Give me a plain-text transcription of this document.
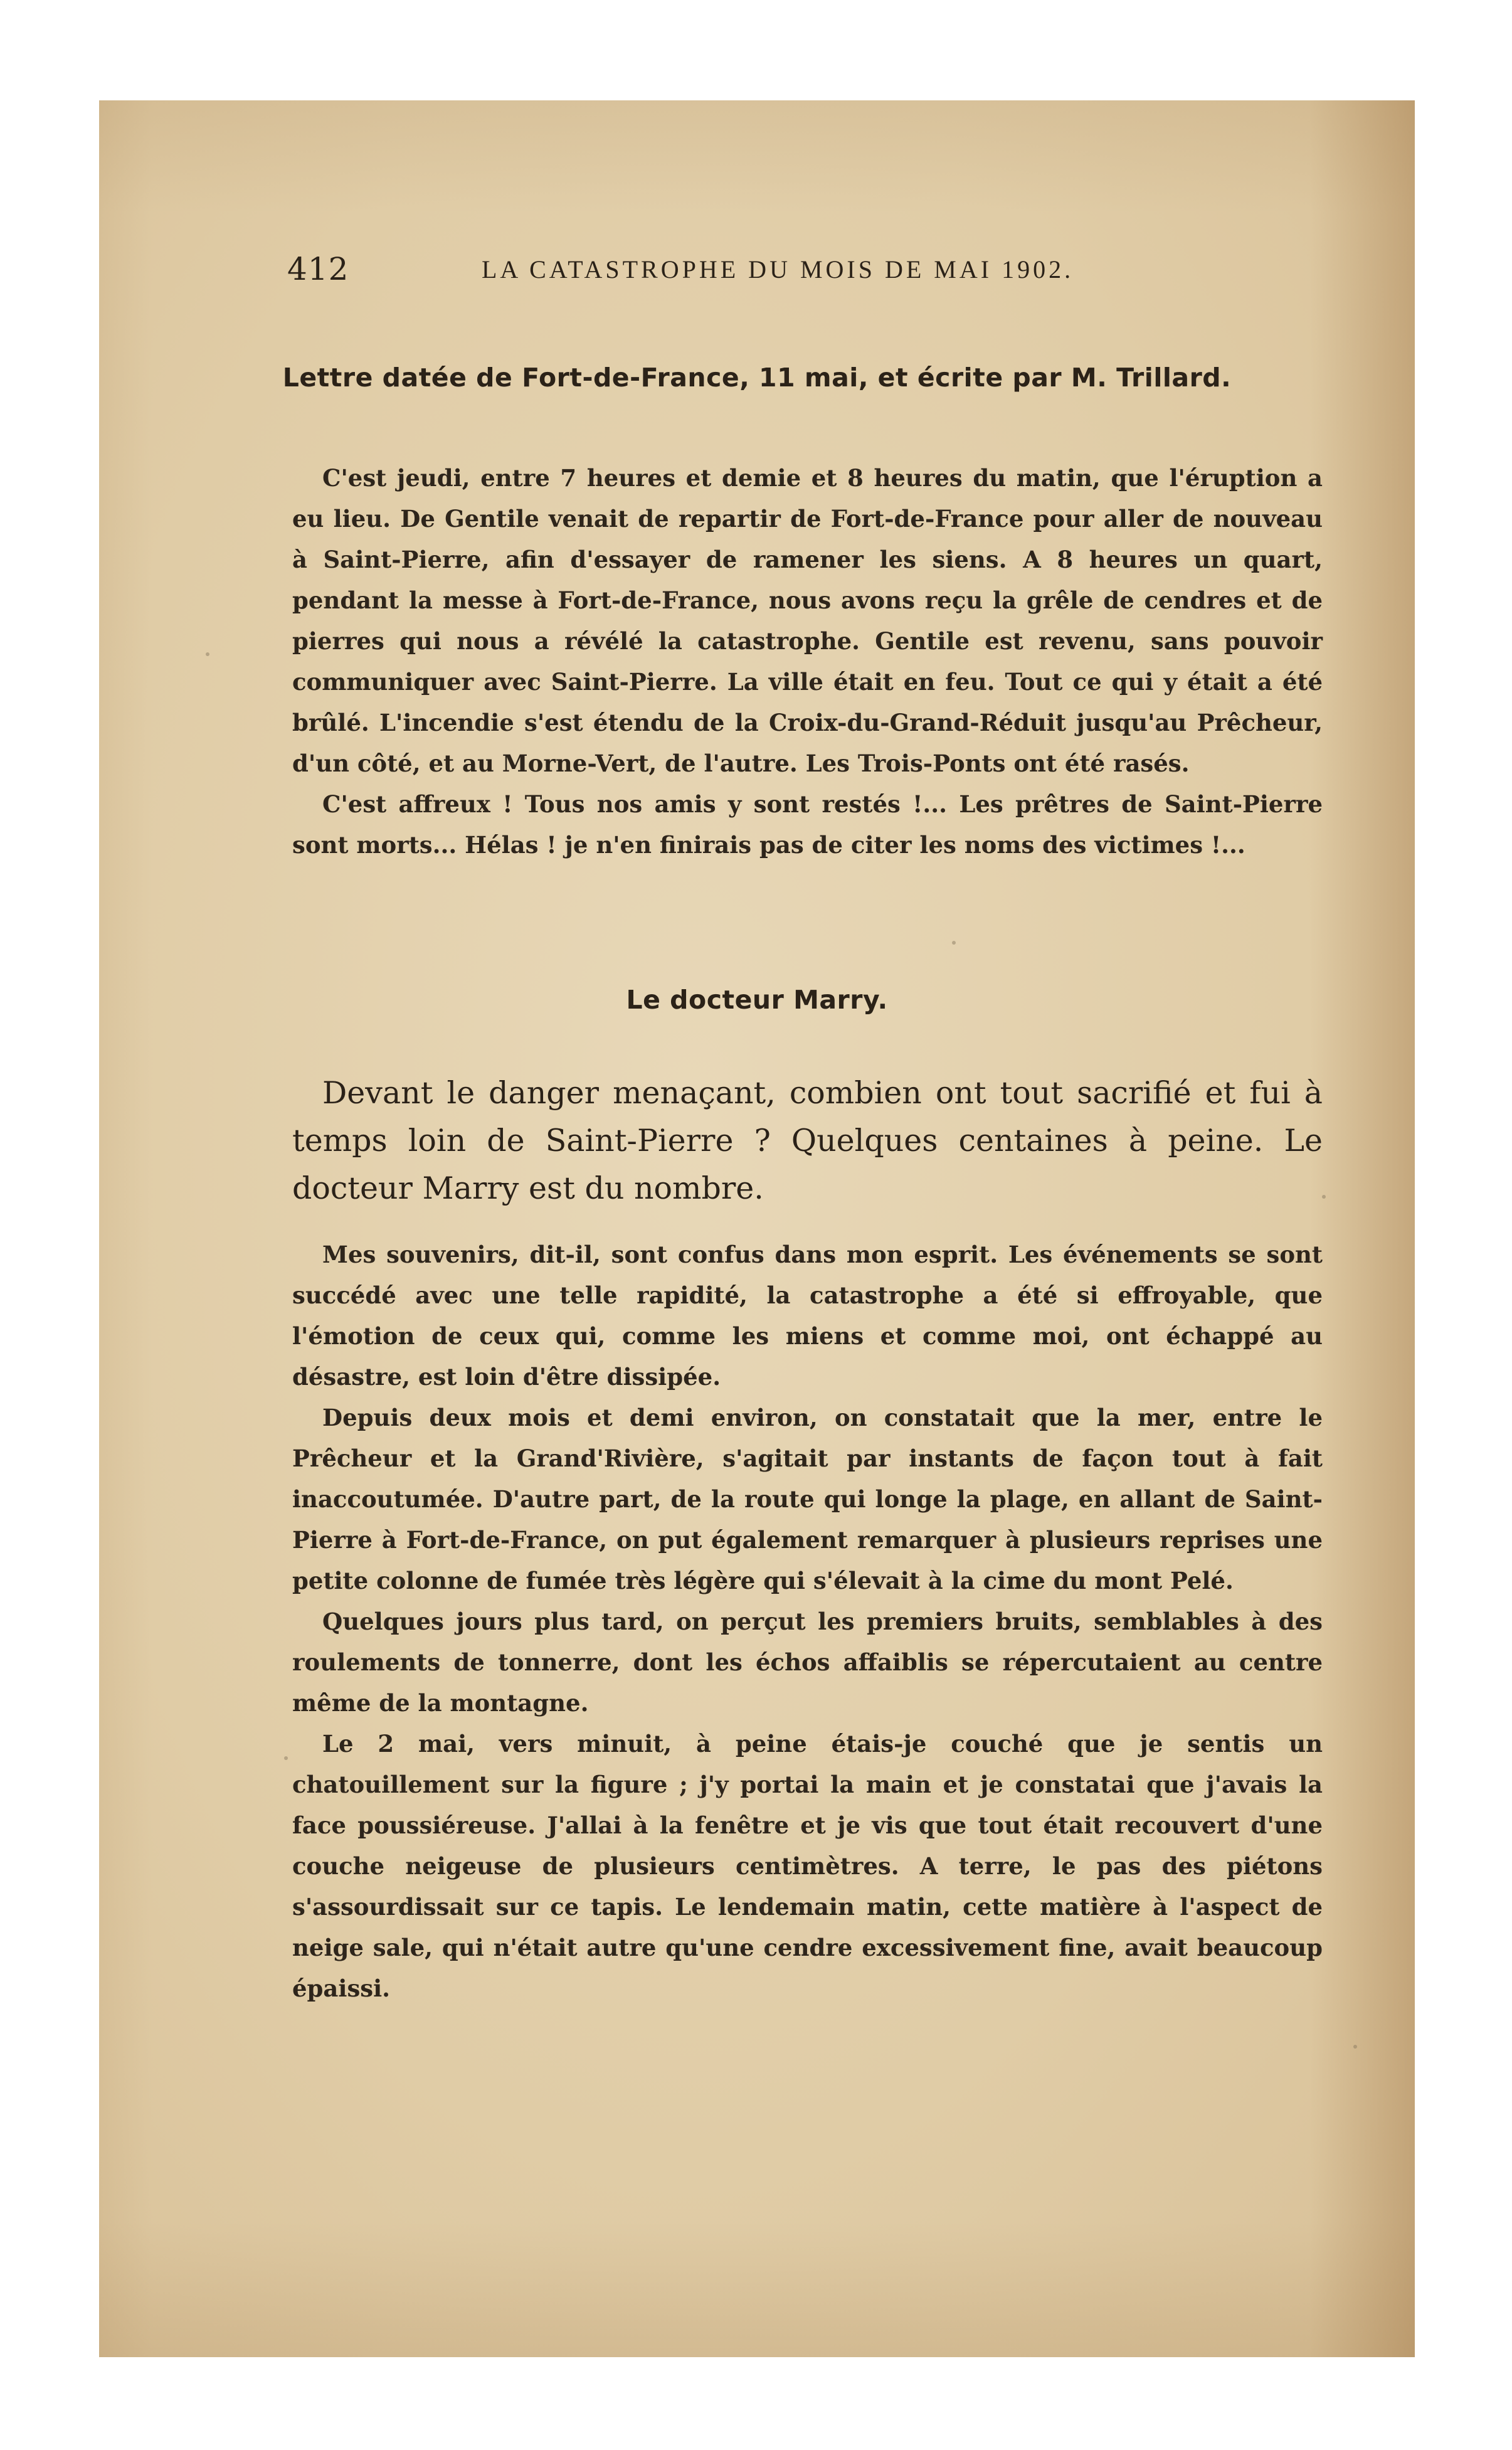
412	LA CATASTROPHE DU MOIS DE MAI 1902.
Lettre datée de Fort-de-France, 11 mai, et écrite par M. Trillard.

C'est jeudi, entre 7 heures et demie et 8 heures du matin, que l'éruption a eu lieu. De Gentile venait de repartir de Fort-de-France pour aller de nouveau à Saint-Pierre, afin d'essayer de ramener les siens. A 8 heures un quart, pendant la messe à Fort-de-France, nous avons reçu la grêle de cendres et de pierres qui nous a révélé la catastrophe. Gentile est revenu, sans pouvoir communiquer avec Saint-Pierre. La ville était en feu. Tout ce qui y était a été brûlé. L'incendie s'est étendu de la Croix-du-Grand-Réduit jusqu'au Prêcheur, d'un côté, et au Morne-Vert, de l'autre. Les Trois-Ponts ont été rasés.

C'est affreux ! Tous nos amis y sont restés !... Les prêtres de Saint-Pierre sont morts... Hélas ! je n'en finirais pas de citer les noms des victimes !...

Le docteur Marry.

Devant le danger menaçant, combien ont tout sacrifié et fui à temps loin de Saint-Pierre ? Quelques centaines à peine. Le docteur Marry est du nombre.

Mes souvenirs, dit-il, sont confus dans mon esprit. Les événements se sont succédé avec une telle rapidité, la catastrophe a été si effroyable, que l'émotion de ceux qui, comme les miens et comme moi, ont échappé au désastre, est loin d'être dissipée.

Depuis deux mois et demi environ, on constatait que la mer, entre le Prêcheur et la Grand'Rivière, s'agitait par instants de façon tout à fait inaccoutumée. D'autre part, de la route qui longe la plage, en allant de Saint-Pierre à Fort-de-France, on put également remarquer à plusieurs reprises une petite colonne de fumée très légère qui s'élevait à la cime du mont Pelé.

Quelques jours plus tard, on perçut les premiers bruits, semblables à des roulements de tonnerre, dont les échos affaiblis se répercutaient au centre même de la montagne.

Le 2 mai, vers minuit, à peine étais-je couché que je sentis un chatouillement sur la figure ; j'y portai la main et je constatai que j'avais la face poussiéreuse. J'allai à la fenêtre et je vis que tout était recouvert d'une couche neigeuse de plusieurs centimètres. A terre, le pas des piétons s'assourdissait sur ce tapis. Le lendemain matin, cette matière à l'aspect de neige sale, qui n'était autre qu'une cendre excessivement fine, avait beaucoup épaissi.
